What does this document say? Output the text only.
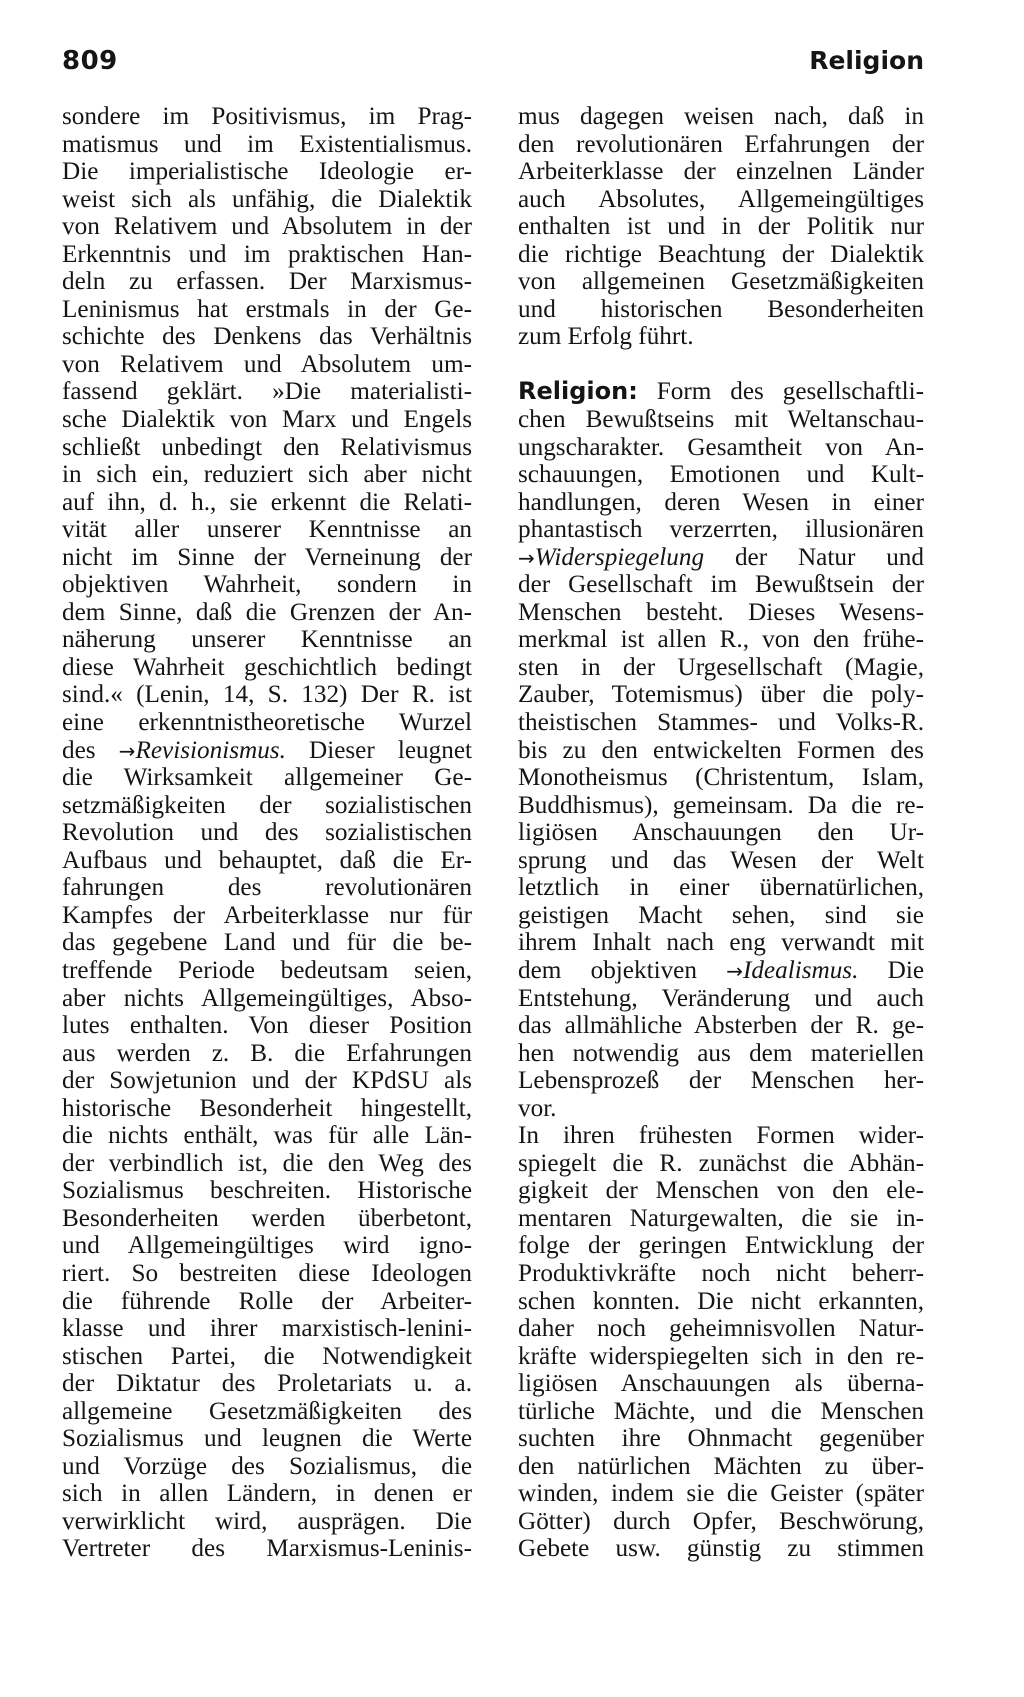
809	Religion
sondere im Positivismus, im Prag-
matismus und im Existentialismus.
Die imperialistische Ideologie er-
weist sich als unfähig, die Dialektik
von Relativem und Absolutem in der
Erkenntnis und im praktischen Han-
deln zu erfassen. Der Marxismus-
Leninismus hat erstmals in der Ge-
schichte des Denkens das Verhältnis
von Relativem und Absolutem um-
fassend geklärt. »Die materialisti-
sche Dialektik von Marx und Engels
schließt unbedingt den Relativismus
in sich ein, reduziert sich aber nicht
auf ihn, d. h., sie erkennt die Relati-
vität aller unserer Kenntnisse an
nicht im Sinne der Verneinung der
objektiven Wahrheit, sondern in
dem Sinne, daß die Grenzen der An-
näherung unserer Kenntnisse an
diese Wahrheit geschichtlich bedingt
sind.« (Lenin, 14, S. 132) Der R. ist
eine erkenntnistheoretische Wurzel
des →Revisionismus. Dieser leugnet
die Wirksamkeit allgemeiner Ge-
setzmäßigkeiten der sozialistischen
Revolution und des sozialistischen
Aufbaus und behauptet, daß die Er-
fahrungen des revolutionären
Kampfes der Arbeiterklasse nur für
das gegebene Land und für die be-
treffende Periode bedeutsam seien,
aber nichts Allgemeingültiges, Abso-
lutes enthalten. Von dieser Position
aus werden z. B. die Erfahrungen
der Sowjetunion und der KPdSU als
historische Besonderheit hingestellt,
die nichts enthält, was für alle Län-
der verbindlich ist, die den Weg des
Sozialismus beschreiten. Historische
Besonderheiten werden überbetont,
und Allgemeingültiges wird igno-
riert. So bestreiten diese Ideologen
die führende Rolle der Arbeiter-
klasse und ihrer marxistisch-lenini-
stischen Partei, die Notwendigkeit
der Diktatur des Proletariats u. a.
allgemeine Gesetzmäßigkeiten des
Sozialismus und leugnen die Werte
und Vorzüge des Sozialismus, die
sich in allen Ländern, in denen er
verwirklicht wird, ausprägen. Die
Vertreter des Marxismus-Leninis-
mus dagegen weisen nach, daß in
den revolutionären Erfahrungen der
Arbeiterklasse der einzelnen Länder
auch Absolutes, Allgemeingültiges
enthalten ist und in der Politik nur
die richtige Beachtung der Dialektik
von allgemeinen Gesetzmäßigkeiten
und historischen Besonderheiten
zum Erfolg führt.
Religion: Form des gesellschaftli-
chen Bewußtseins mit Weltanschau-
ungscharakter. Gesamtheit von An-
schauungen, Emotionen und Kult-
handlungen, deren Wesen in einer
phantastisch verzerrten, illusionären
→Widerspiegelung der Natur und
der Gesellschaft im Bewußtsein der
Menschen besteht. Dieses Wesens-
merkmal ist allen R., von den frühe-
sten in der Urgesellschaft (Magie,
Zauber, Totemismus) über die poly-
theistischen Stammes- und Volks-R.
bis zu den entwickelten Formen des
Monotheismus (Christentum, Islam,
Buddhismus), gemeinsam. Da die re-
ligiösen Anschauungen den Ur-
sprung und das Wesen der Welt
letztlich in einer übernatürlichen,
geistigen Macht sehen, sind sie
ihrem Inhalt nach eng verwandt mit
dem objektiven →Idealismus. Die
Entstehung, Veränderung und auch
das allmähliche Absterben der R. ge-
hen notwendig aus dem materiellen
Lebensprozeß der Menschen her-
vor.
In ihren frühesten Formen wider-
spiegelt die R. zunächst die Abhän-
gigkeit der Menschen von den ele-
mentaren Naturgewalten, die sie in-
folge der geringen Entwicklung der
Produktivkräfte noch nicht beherr-
schen konnten. Die nicht erkannten,
daher noch geheimnisvollen Natur-
kräfte widerspiegelten sich in den re-
ligiösen Anschauungen als überna-
türliche Mächte, und die Menschen
suchten ihre Ohnmacht gegenüber
den natürlichen Mächten zu über-
winden, indem sie die Geister (später
Götter) durch Opfer, Beschwörung,
Gebete usw. günstig zu stimmen
